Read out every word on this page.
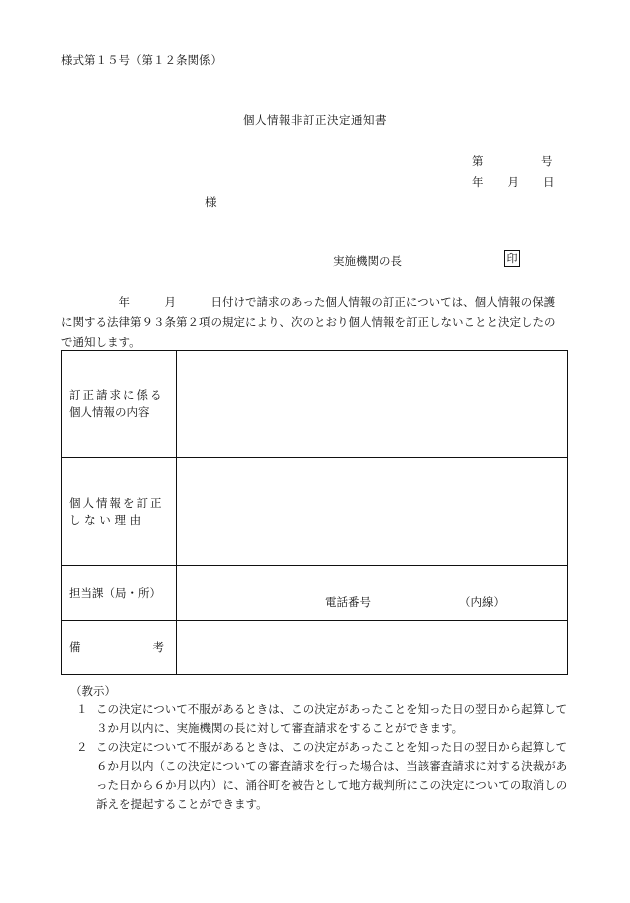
様式第１５号（第１２条関係）
個人情報非訂正決定通知書
第	号
年 月 日
様
実施機関の長	印

　　　　　年　　　月　　　日付けで請求のあった個人情報の訂正については、個人情報の保護

に関する法律第９３条第２項の規定により、次のとおり個人情報を訂正しないことと決定したの

で通知します。

訂正請求に係る
個人情報の内容	

個人情報を訂正
し な い 理 由	

担当課（局・所）	電話番号 （内線）

備 考	

（教示）
１ この決定について不服があるときは、この決定があったことを知った日の翌日から起算して３か月以内に、実施機関の長に対して審査請求をすることができます。
２ この決定について不服があるときは、この決定があったことを知った日の翌日から起算して６か月以内（この決定についての審査請求を行った場合は、当該審査請求に対する決裁があった日から６か月以内）に、涌谷町を被告として地方裁判所にこの決定についての取消しの訴えを提起することができます。
